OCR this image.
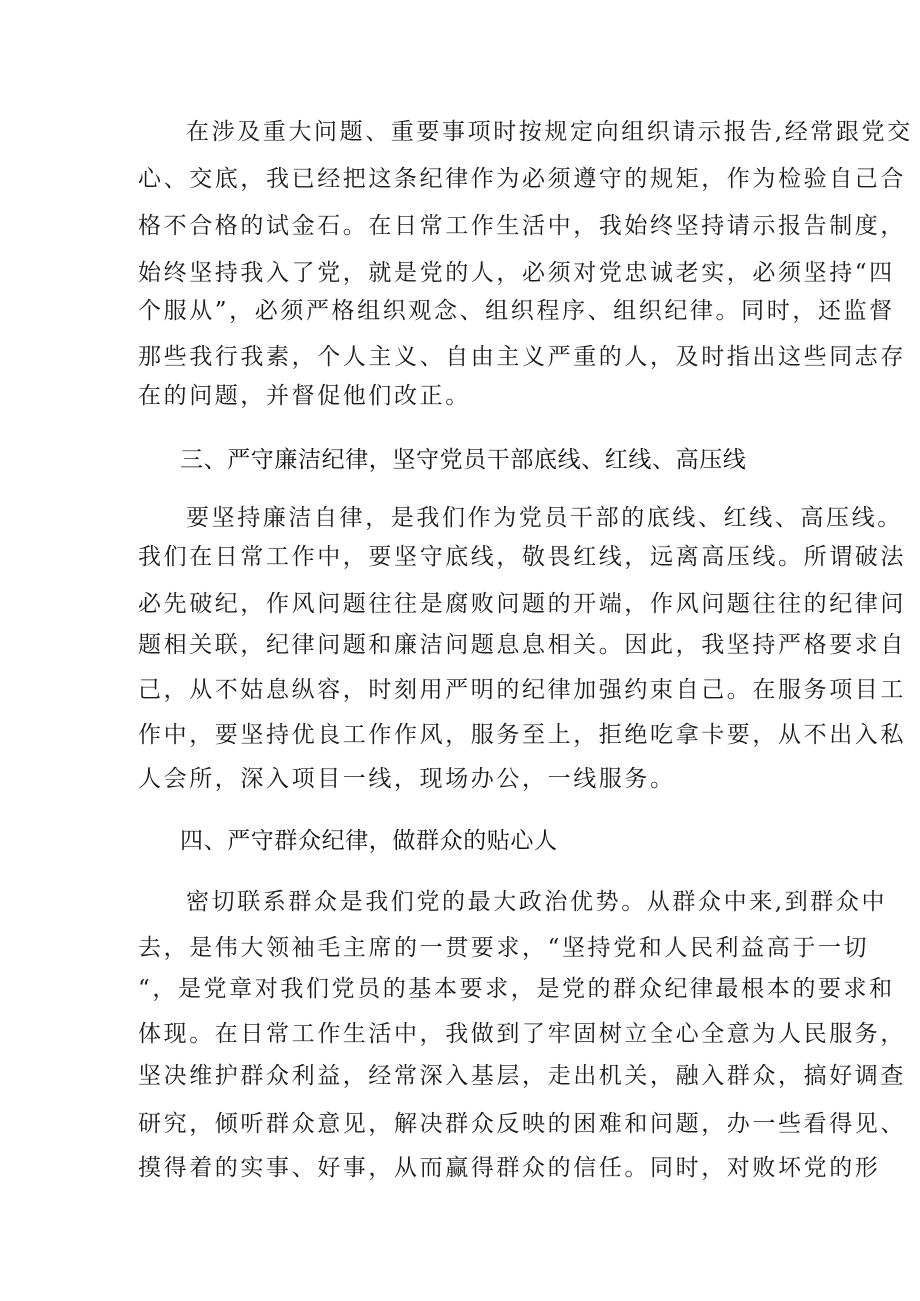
在涉及重大问题、重要事项时按规定向组织请示报告,经常跟党交
心、交底，我已经把这条纪律作为必须遵守的规矩，作为检验自己合
格不合格的试金石。在日常工作生活中，我始终坚持请示报告制度，
始终坚持我入了党，就是党的人，必须对党忠诚老实，必须坚持“四
个服从”，必须严格组织观念、组织程序、组织纪律。同时，还监督
那些我行我素，个人主义、自由主义严重的人，及时指出这些同志存
在的问题，并督促他们改正。
三、严守廉洁纪律，坚守党员干部底线、红线、高压线
要坚持廉洁自律，是我们作为党员干部的底线、红线、高压线。
我们在日常工作中，要坚守底线，敬畏红线，远离高压线。所谓破法
必先破纪，作风问题往往是腐败问题的开端，作风问题往往的纪律问
题相关联，纪律问题和廉洁问题息息相关。因此，我坚持严格要求自
己，从不姑息纵容，时刻用严明的纪律加强约束自己。在服务项目工
作中，要坚持优良工作作风，服务至上，拒绝吃拿卡要，从不出入私
人会所，深入项目一线，现场办公，一线服务。
四、严守群众纪律，做群众的贴心人
密切联系群众是我们党的最大政治优势。从群众中来,到群众中
去，是伟大领袖毛主席的一贯要求，“坚持党和人民利益高于一切
“，是党章对我们党员的基本要求，是党的群众纪律最根本的要求和
体现。在日常工作生活中，我做到了牢固树立全心全意为人民服务，
坚决维护群众利益，经常深入基层，走出机关，融入群众，搞好调查
研究，倾听群众意见，解决群众反映的困难和问题，办一些看得见、
摸得着的实事、好事，从而赢得群众的信任。同时，对败坏党的形
